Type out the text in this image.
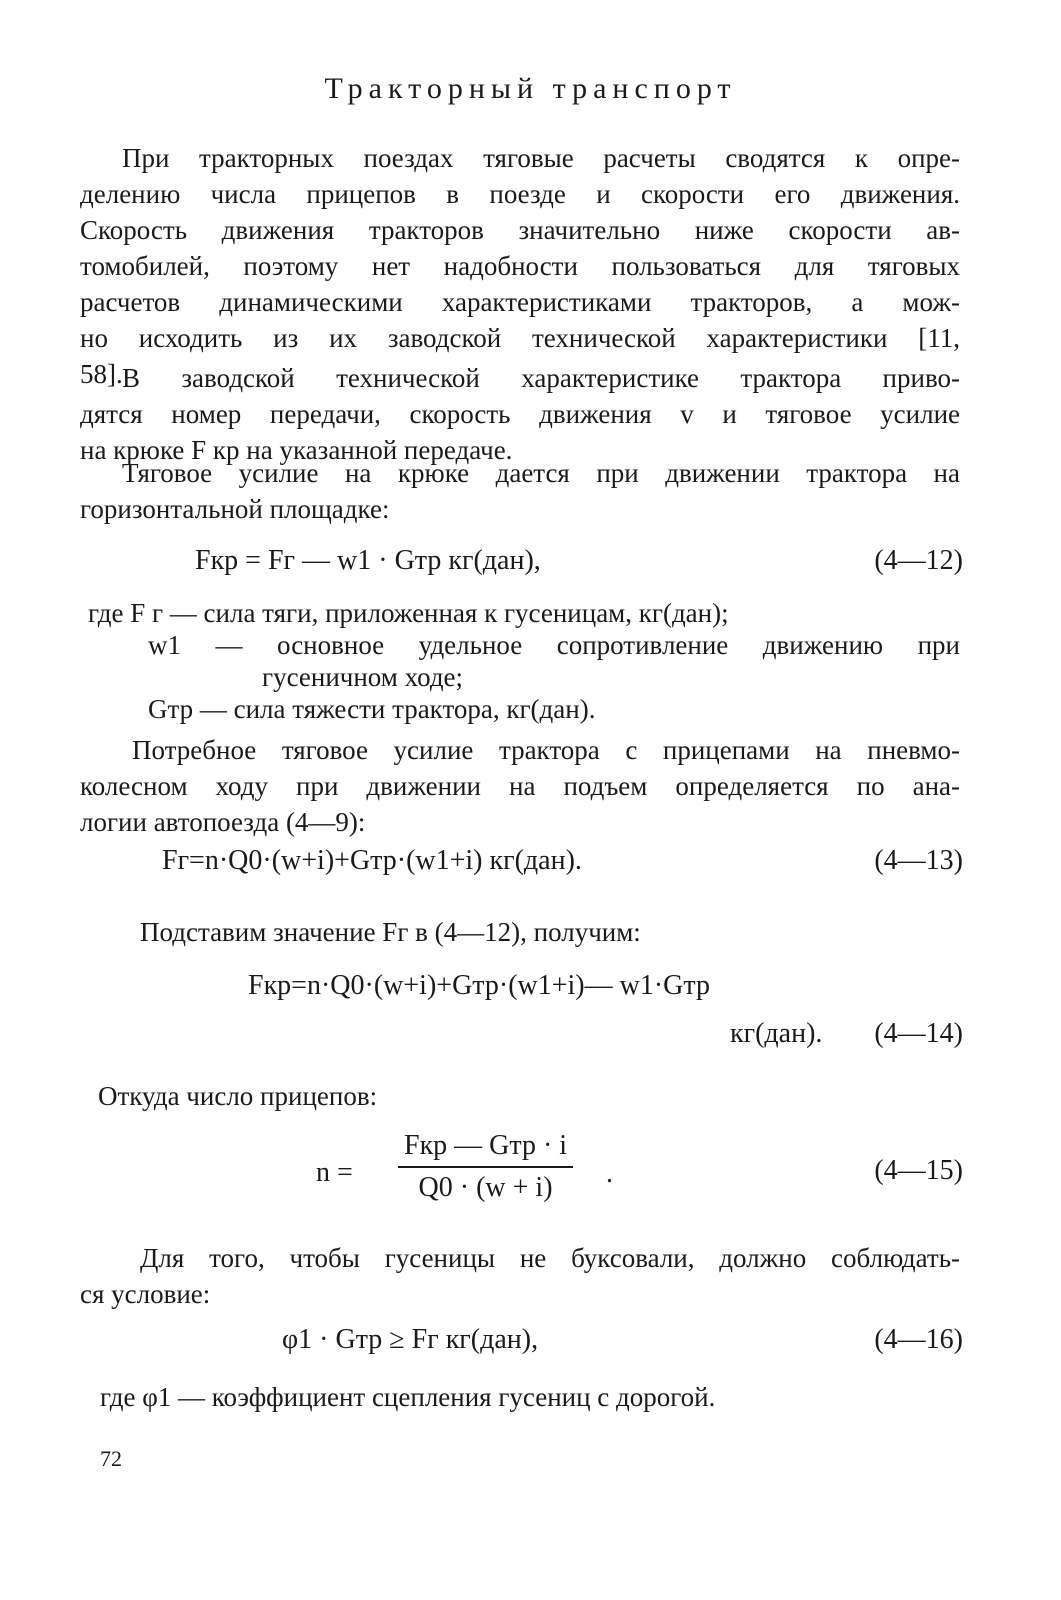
Тракторный транспорт
При тракторных поездах тяговые расчеты сводятся к опре-
делению числа прицепов в поезде и скорости его движения.
Скорость движения тракторов значительно ниже скорости ав-
томобилей, поэтому нет надобности пользоваться для тяговых
расчетов динамическими характеристиками тракторов, а мож-
но исходить из их заводской технической характеристики [11,
58]. В заводской технической характеристике трактора приво-
дятся номер передачи, скорость движения v и тяговое усилие
на крюке F кр на указанной передаче.
Тяговое усилие на крюке дается при движении трактора на
горизонтальной площадке:
Fкр = Fг — w1 · Gтр кг(дан),	(4—12)
где F г — сила тяги, приложенная к гусеницам, кг(дан);
w1 — основное удельное сопротивление движению при
гусеничном ходе;
Gтр — сила тяжести трактора, кг(дан).
Потребное тяговое усилие трактора с прицепами на пневмо-
колесном ходу при движении на подъем определяется по ана-
логии автопоезда (4—9):
Fг=n·Q0·(w+i)+Gтр·(w1+i) кг(дан).	(4—13)
Подставим значение Fг в (4—12), получим:
Fкр=n·Q0·(w+i)+Gтр·(w1+i)— w1·Gтр
кг(дан). (4—14)
Откуда число прицепов:
n =
Fкр — Gтр · i
Q0 · (w + i)	.	(4—15)
Для того, чтобы гусеницы не буксовали, должно соблюдать-
ся условие:
φ1 · Gтр ≥ Fг кг(дан),	(4—16)
где φ1 — коэффициент сцепления гусениц с дорогой.
72
